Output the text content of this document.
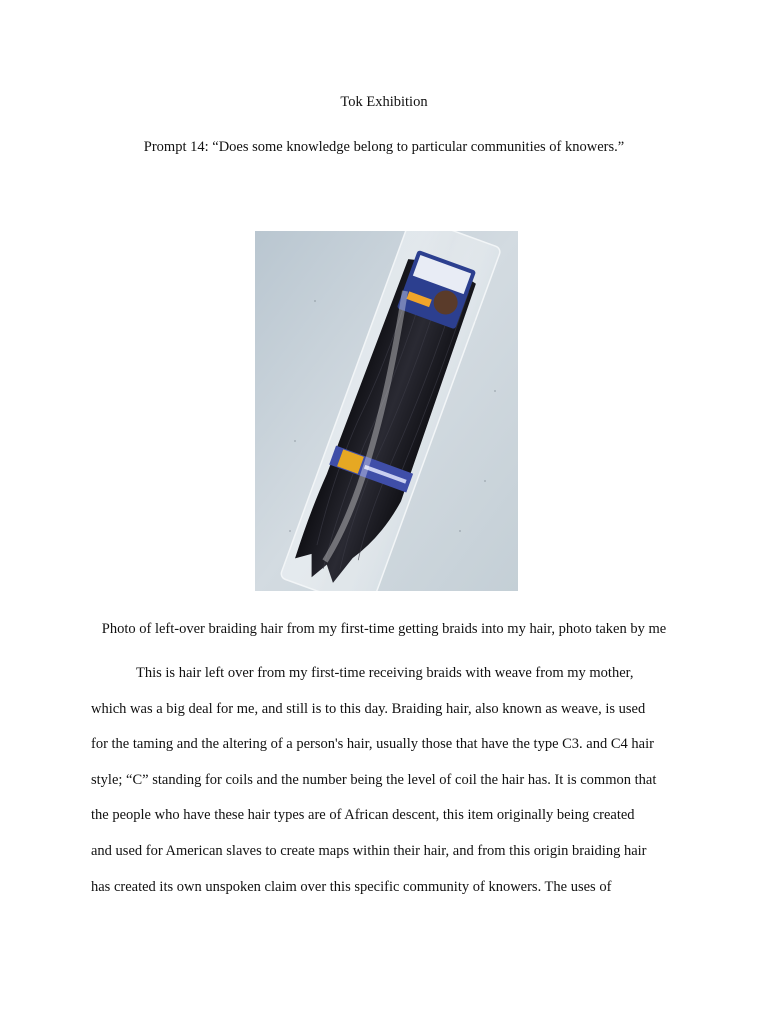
Tok Exhibition
Prompt 14: “Does some knowledge belong to particular communities of knowers.”
Photo of left-over braiding hair from my first-time getting braids into my hair, photo taken by me
This is hair left over from my first-time receiving braids with weave from my mother,
which was a big deal for me, and still is to this day. Braiding hair, also known as weave, is used
for the taming and the altering of a person's hair, usually those that have the type C3. and C4 hair
style; “C” standing for coils and the number being the level of coil the hair has. It is common that
the people who have these hair types are of African descent, this item originally being created
and used for American slaves to create maps within their hair, and from this origin braiding hair
has created its own unspoken claim over this specific community of knowers. The uses of
